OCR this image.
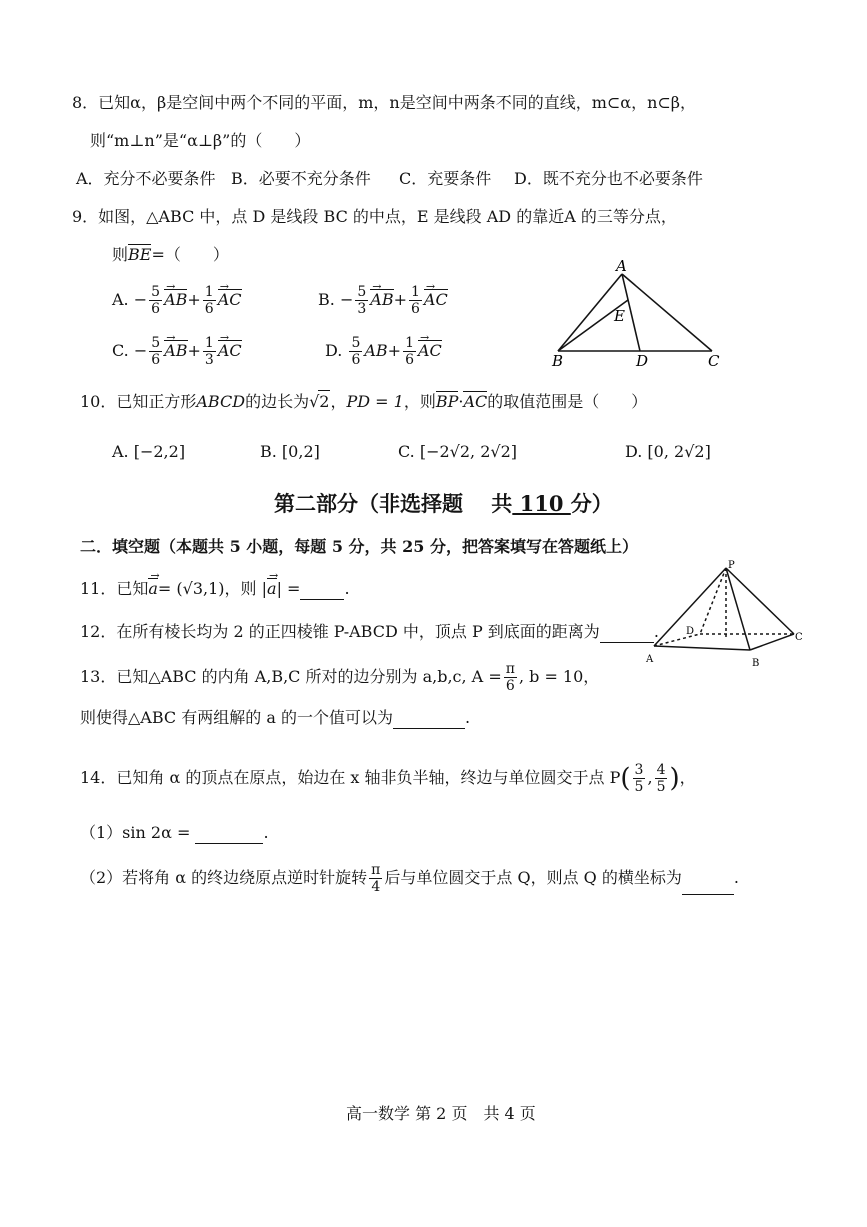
8．已知α，β是空间中两个不同的平面，m，n是空间中两条不同的直线，m⊂α，n⊂β，
则“m⊥n”是“α⊥β”的（　　）
A．充分不必要条件 B．必要不充分条件 C．充要条件 D．既不充分也不必要条件
9．如图，△ABC 中，点 D 是线段 BC 的中点，E 是线段 AD 的靠近A 的三等分点，
则BE=（　　）
A. − $\frac{5}{6}$ AB →+ $\frac{1}{6}$ AC →	B. − $\frac{5}{3}$ AB →+ $\frac{1}{6}$ AC →
C. − $\frac{5}{6}$ AB →+ $\frac{1}{3}$ AC →	D. $\frac{5}{6} AB+ \frac{1}{6}$ AC →
A
B	C
D
E
10．已知正方形ABCD的边长为√2，PD = 1，则BP·AC的取值范围是（　　）
A. [−2,2]	B. [0,2]	C. [−2√2, 2√2]	D. [0, 2√2]
第二部分（非选择题　 共 110 分）
二．填空题（本题共 5 小题，每题 5 分，共 25 分，把答案填写在答题纸上）
11．已知a →= (√3,1)，则 |a →| =	.
12．在所有棱长均为 2 的正四棱锥 P-ABCD 中，顶点 P 到底面的距离为	.
P
A	B
C
D
13．已知△ABC 的内角 A,B,C 所对的边分别为 a,b,c, $A = \frac{\pi}{6}$ , b = 10，
则使得△ABC 有两组解的 a 的一个值可以为	.
14．已知角 α 的顶点在原点，始边在 x 轴非负半轴，终边与单位圆交于点 $P( \frac{3}{5}$ , $\frac{4}{5}$ )，
（1）sin 2α =	.
（2）若将角 α 的终边绕原点逆时针旋转 $\frac{\pi}{4}$ 后与单位圆交于点 Q，则点 Q 的横坐标为	.
高一数学 第 2 页　共 4 页
